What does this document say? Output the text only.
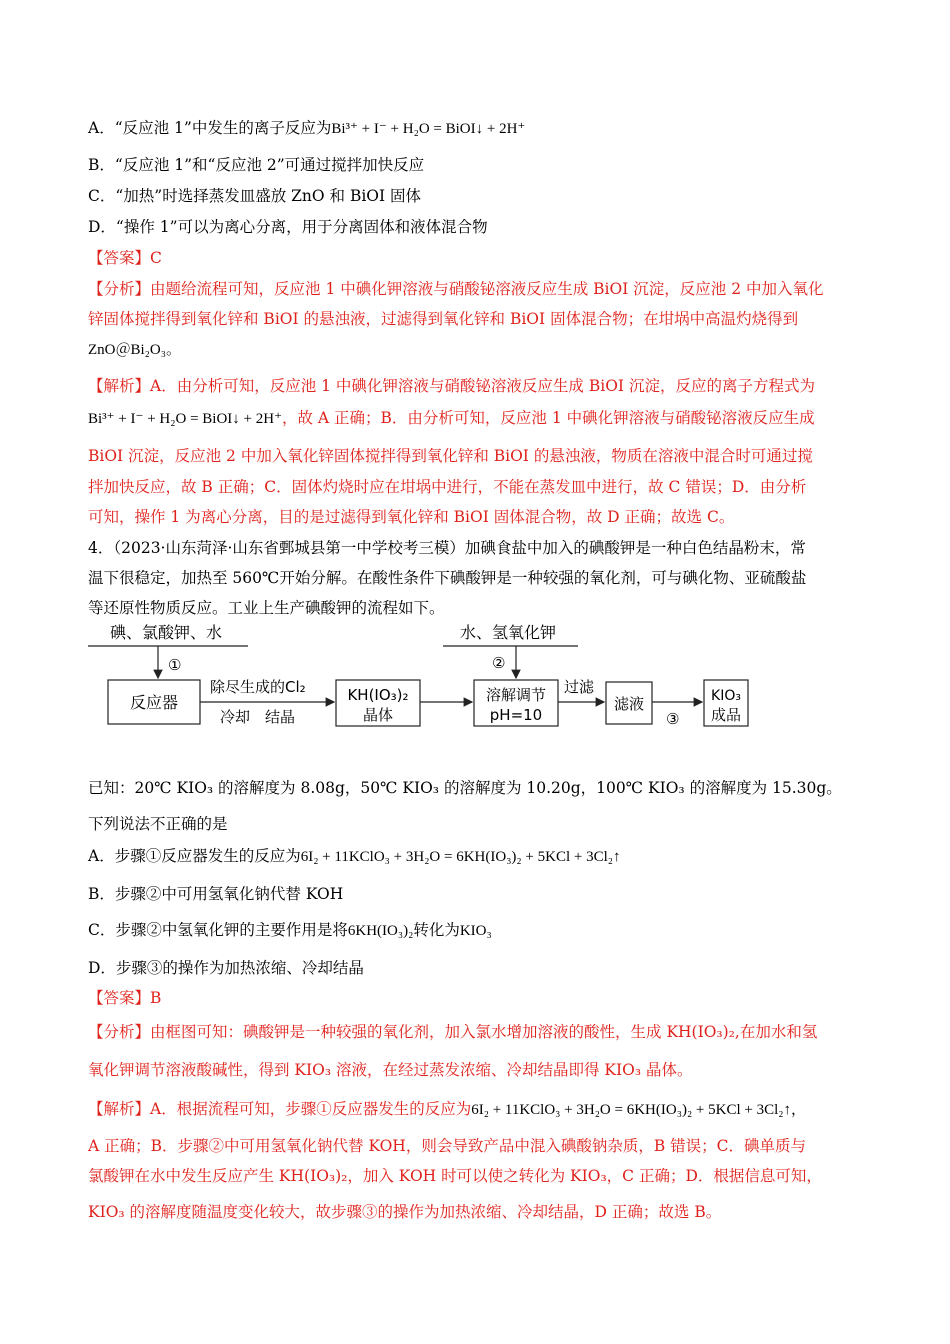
A．“反应池 1”中发生的离子反应为Bi³⁺ + I⁻ + H₂O = BiOI↓ + 2H⁺
B．“反应池 1”和“反应池 2”可通过搅拌加快反应
C．“加热”时选择蒸发皿盛放 ZnO 和 BiOI 固体
D．“操作 1”可以为离心分离，用于分离固体和液体混合物
【答案】C
【分析】由题给流程可知，反应池 1 中碘化钾溶液与硝酸铋溶液反应生成 BiOI 沉淀，反应池 2 中加入氧化
锌固体搅拌得到氧化锌和 BiOI 的悬浊液，过滤得到氧化锌和 BiOI 固体混合物；在坩埚中高温灼烧得到
ZnO＠Bi₂O₃。
【解析】A．由分析可知，反应池 1 中碘化钾溶液与硝酸铋溶液反应生成 BiOI 沉淀，反应的离子方程式为
Bi³⁺ + I⁻ + H₂O = BiOI↓ + 2H⁺，故 A 正确；B．由分析可知，反应池 1 中碘化钾溶液与硝酸铋溶液反应生成
BiOI 沉淀，反应池 2 中加入氧化锌固体搅拌得到氧化锌和 BiOI 的悬浊液，物质在溶液中混合时可通过搅
拌加快反应，故 B 正确；C．固体灼烧时应在坩埚中进行，不能在蒸发皿中进行，故 C 错误；D．由分析
可知，操作 1 为离心分离，目的是过滤得到氧化锌和 BiOI 固体混合物，故 D 正确；故选 C。
4．（2023·山东菏泽·山东省鄄城县第一中学校考三模）加碘食盐中加入的碘酸钾是一种白色结晶粉末，常
温下很稳定，加热至 560℃开始分解。在酸性条件下碘酸钾是一种较强的氧化剂，可与碘化物、亚硫酸盐
等还原性物质反应。工业上生产碘酸钾的流程如下。
碘、氯酸钾、水
①
反应器
除尽生成的Cl₂
冷却　结晶
KH(IO₃)₂
晶体
水、氢氧化钾
②
溶解调节
pH=10
过滤
滤液
③
KIO₃
成品
已知：20℃ KIO₃ 的溶解度为 8.08g，50℃ KIO₃ 的溶解度为 10.20g，100℃ KIO₃ 的溶解度为 15.30g。
下列说法不正确的是
A．步骤①反应器发生的反应为6I₂ + 11KClO₃ + 3H₂O = 6KH(IO₃)₂ + 5KCl + 3Cl₂↑
B．步骤②中可用氢氧化钠代替 KOH
C．步骤②中氢氧化钾的主要作用是将6KH(IO₃)₂转化为KIO₃
D．步骤③的操作为加热浓缩、冷却结晶
【答案】B
【分析】由框图可知：碘酸钾是一种较强的氧化剂，加入氯水增加溶液的酸性，生成 KH(IO₃)₂,在加水和氢
氧化钾调节溶液酸碱性，得到 KIO₃ 溶液，在经过蒸发浓缩、冷却结晶即得 KIO₃ 晶体。
【解析】A．根据流程可知，步骤①反应器发生的反应为6I₂ + 11KClO₃ + 3H₂O = 6KH(IO₃)₂ + 5KCl + 3Cl₂↑，
A 正确；B．步骤②中可用氢氧化钠代替 KOH，则会导致产品中混入碘酸钠杂质，B 错误；C．碘单质与
氯酸钾在水中发生反应产生 KH(IO₃)₂，加入 KOH 时可以使之转化为 KIO₃，C 正确；D．根据信息可知，
KIO₃ 的溶解度随温度变化较大，故步骤③的操作为加热浓缩、冷却结晶，D 正确；故选 B。
